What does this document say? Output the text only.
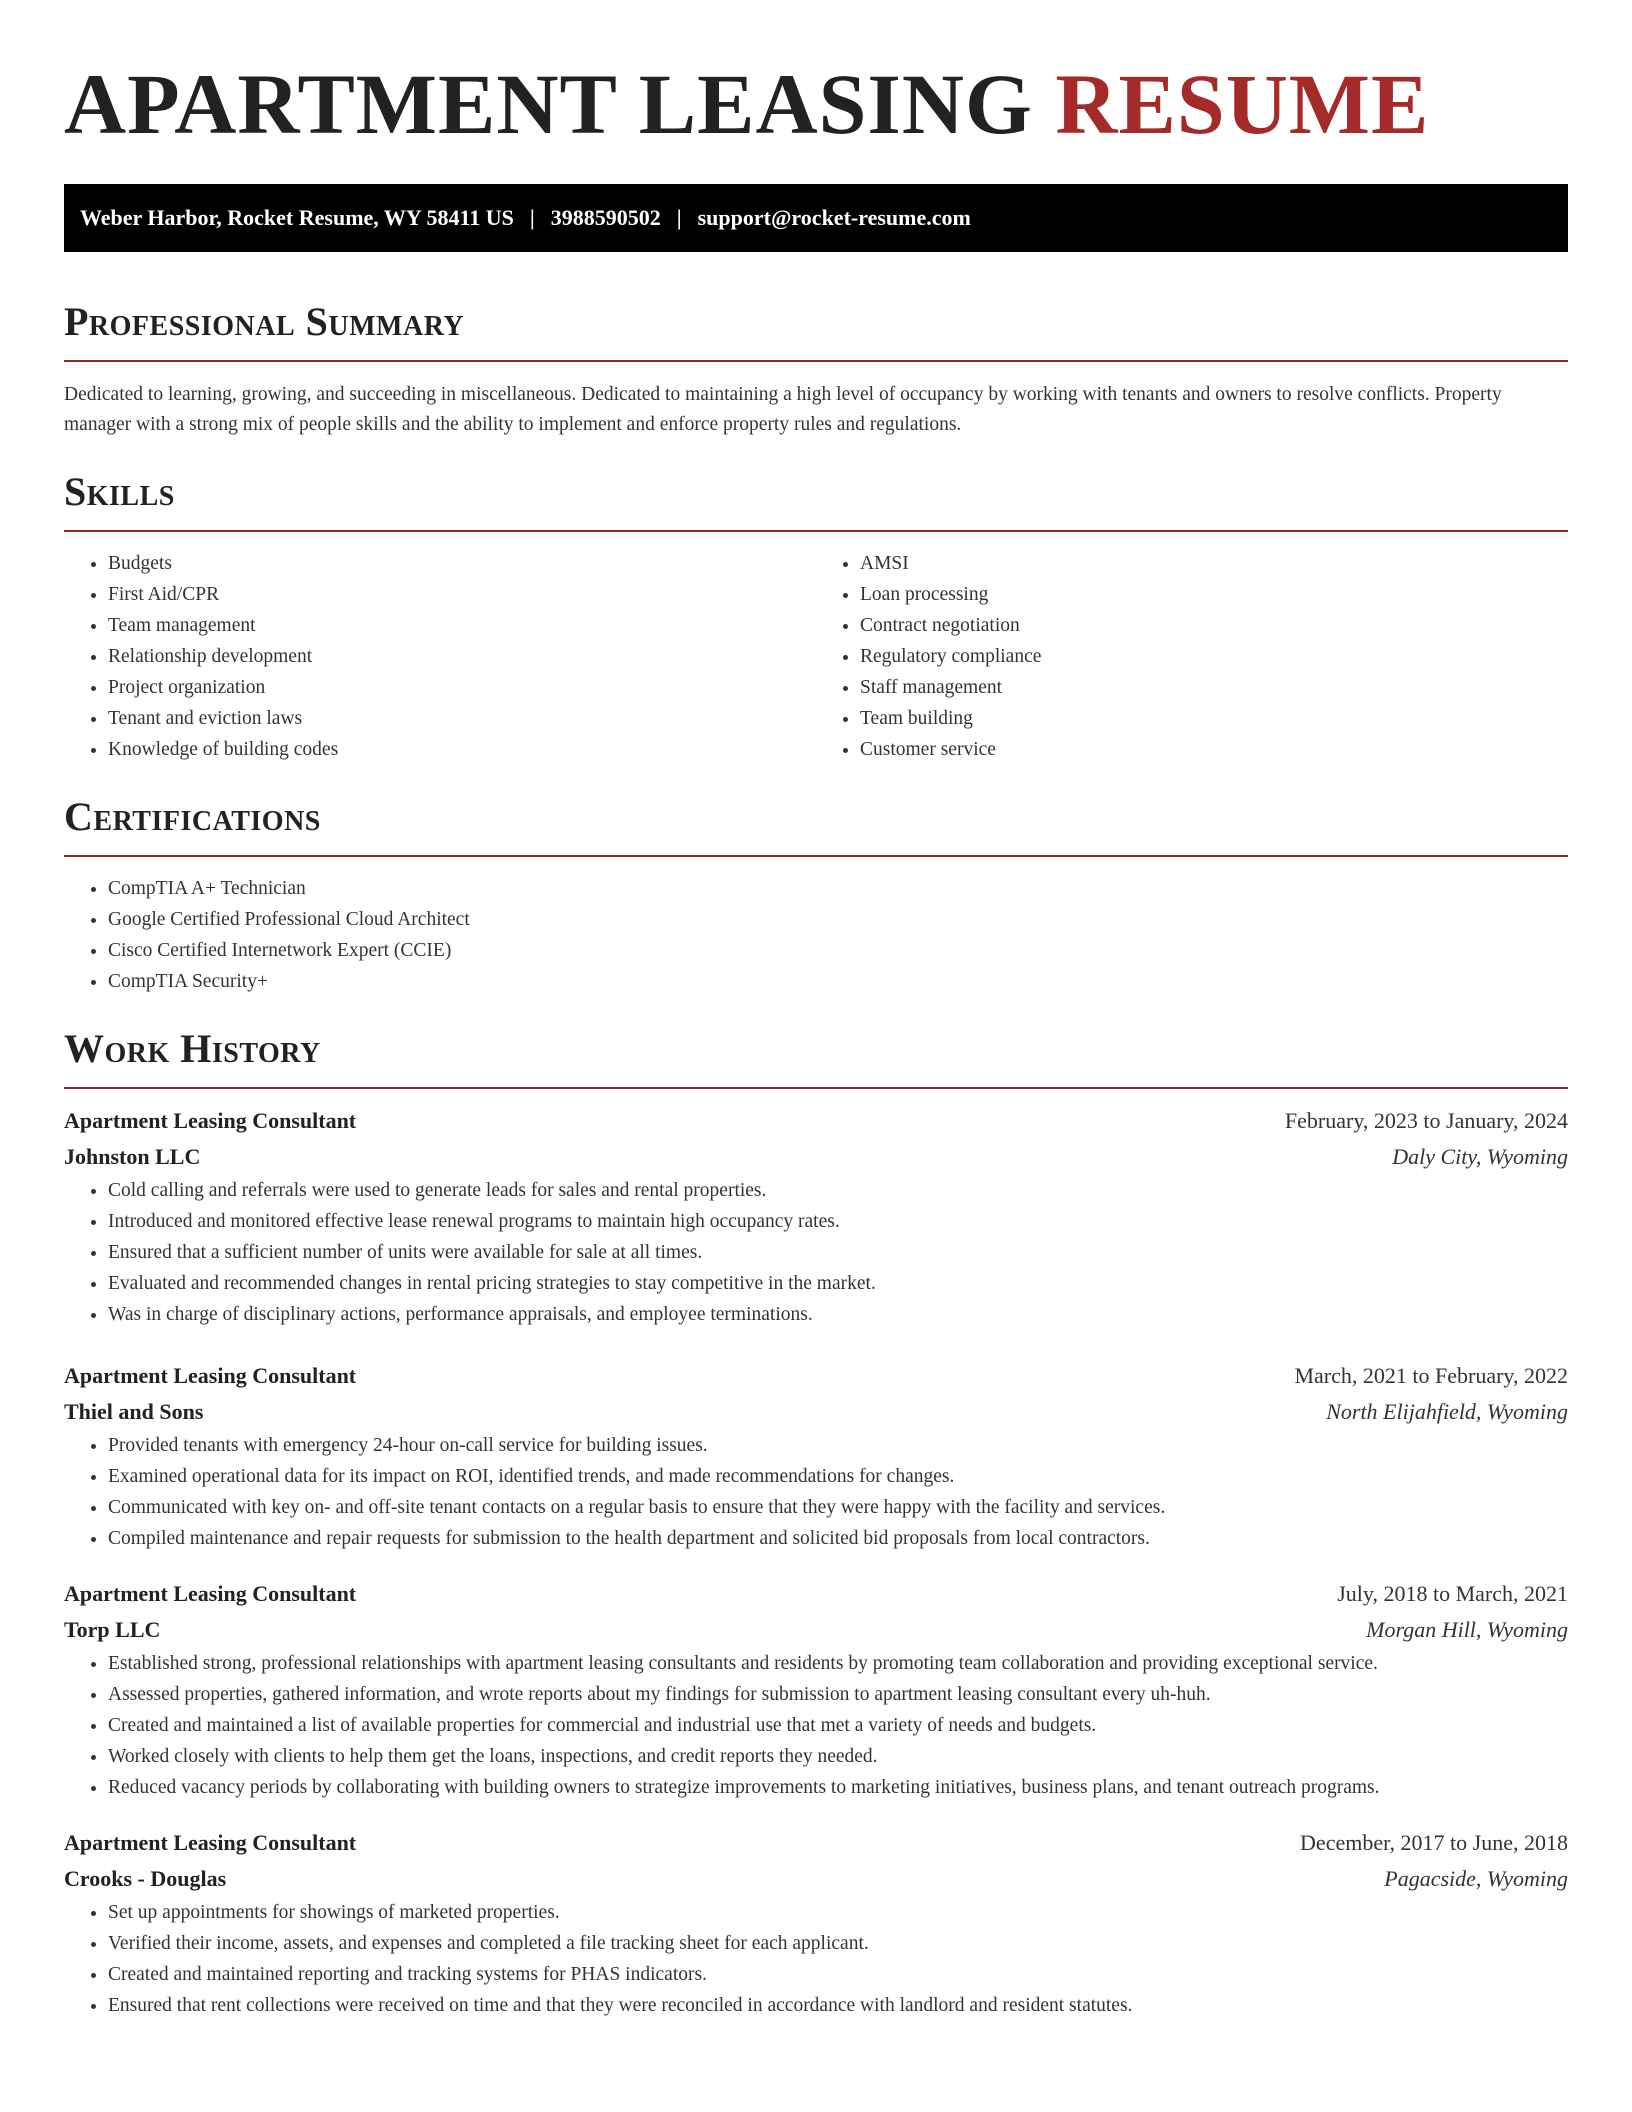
APARTMENT LEASING RESUME
Weber Harbor, Rocket Resume, WY 58411 US | 3988590502 | support@rocket-resume.com
Professional Summary

Dedicated to learning, growing, and succeeding in miscellaneous. Dedicated to maintaining a high level of occupancy by working with tenants and owners to resolve conflicts. Property manager with a strong mix of people skills and the ability to implement and enforce property rules and regulations.

Skills
• Budgets
• First Aid/CPR
• Team management
• Relationship development
• Project organization
• Tenant and eviction laws
• Knowledge of building codes
• AMSI
• Loan processing
• Contract negotiation
• Regulatory compliance
• Staff management
• Team building
• Customer service
Certifications
• CompTIA A+ Technician
• Google Certified Professional Cloud Architect
• Cisco Certified Internetwork Expert (CCIE)
• CompTIA Security+
Work History
Apartment Leasing Consultant	February, 2023 to January, 2024
Johnston LLC	Daly City, Wyoming
• Cold calling and referrals were used to generate leads for sales and rental properties.
• Introduced and monitored effective lease renewal programs to maintain high occupancy rates.
• Ensured that a sufficient number of units were available for sale at all times.
• Evaluated and recommended changes in rental pricing strategies to stay competitive in the market.
• Was in charge of disciplinary actions, performance appraisals, and employee terminations.
Apartment Leasing Consultant	March, 2021 to February, 2022
Thiel and Sons	North Elijahfield, Wyoming
• Provided tenants with emergency 24-hour on-call service for building issues.
• Examined operational data for its impact on ROI, identified trends, and made recommendations for changes.
• Communicated with key on- and off-site tenant contacts on a regular basis to ensure that they were happy with the facility and services.
• Compiled maintenance and repair requests for submission to the health department and solicited bid proposals from local contractors.
Apartment Leasing Consultant	July, 2018 to March, 2021
Torp LLC	Morgan Hill, Wyoming
• Established strong, professional relationships with apartment leasing consultants and residents by promoting team collaboration and providing exceptional service.
• Assessed properties, gathered information, and wrote reports about my findings for submission to apartment leasing consultant every uh-huh.
• Created and maintained a list of available properties for commercial and industrial use that met a variety of needs and budgets.
• Worked closely with clients to help them get the loans, inspections, and credit reports they needed.
• Reduced vacancy periods by collaborating with building owners to strategize improvements to marketing initiatives, business plans, and tenant outreach programs.
Apartment Leasing Consultant	December, 2017 to June, 2018
Crooks - Douglas	Pagacside, Wyoming
• Set up appointments for showings of marketed properties.
• Verified their income, assets, and expenses and completed a file tracking sheet for each applicant.
• Created and maintained reporting and tracking systems for PHAS indicators.
• Ensured that rent collections were received on time and that they were reconciled in accordance with landlord and resident statutes.
